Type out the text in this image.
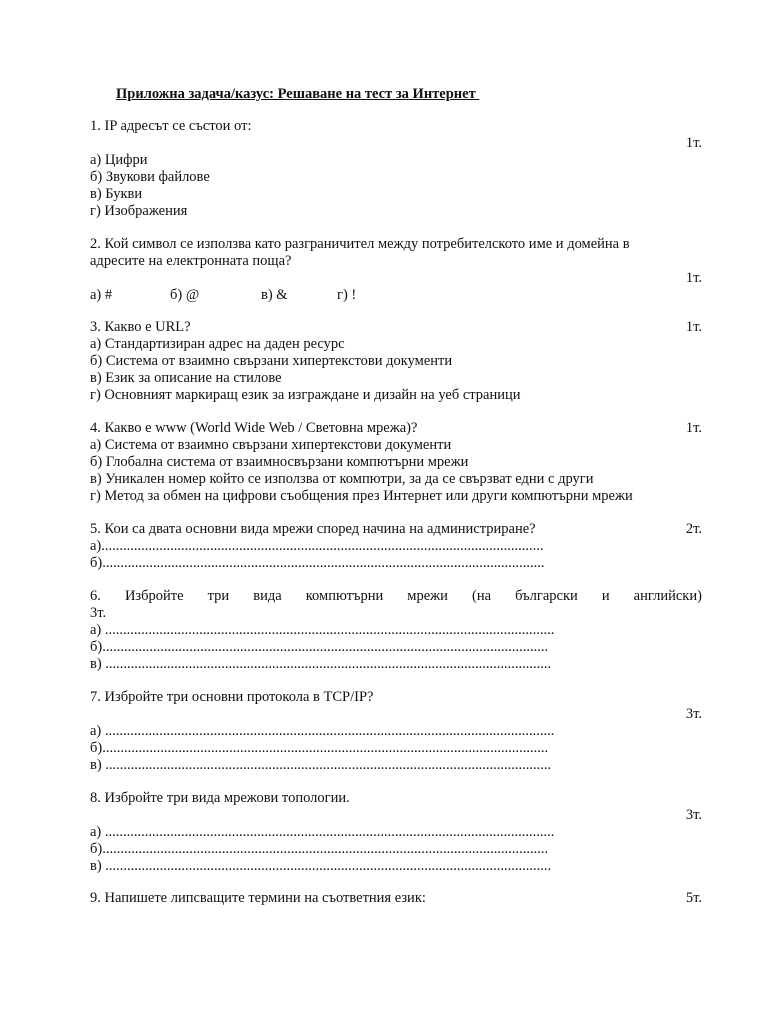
Приложна задача/казус: Решаване на тест за Интернет
1. IP адресът се състои от:
1т.
а) Цифри
б) Звукови файлове
в) Букви
г) Изображения
2. Кой символ се използва като разграничител между потребителското име и домейна в
адресите на електронната поща?
1т.
а) #	б) @	в) &	г) !
3. Какво е URL?	1т.
а) Стандартизиран адрес на даден ресурс
б) Система от взаимно свързани хипертекстови документи
в) Език за описание на стилове
г) Основният маркиращ език за изграждане и дизайн на уеб страници
4. Какво е www (World Wide Web / Световна мрежа)?	1т.
а) Система от взаимно свързани хипертекстови документи
б) Глобална система от взаимносвързани компютърни мрежи
в) Уникален номер който се използва от компютри, за да се свързват едни с други
г) Метод за обмен на цифрови съобщения през Интернет или други компютърни мрежи
5. Кои са двата основни вида мрежи според начина на администриране?	2т.
а)..........................................................................................................................
б)..........................................................................................................................
6. Избройте три вида компютърни мрежи (на български и английски)
3т.
а) ............................................................................................................................
б)...........................................................................................................................
в) ...........................................................................................................................
7. Избройте три основни протокола в TCP/IP?
3т.
а) ............................................................................................................................
б)...........................................................................................................................
в) ...........................................................................................................................
8. Избройте три вида мрежови топологии.
3т.
а) ............................................................................................................................
б)...........................................................................................................................
в) ...........................................................................................................................
9. Напишете липсващите термини на съответния език:	5т.
